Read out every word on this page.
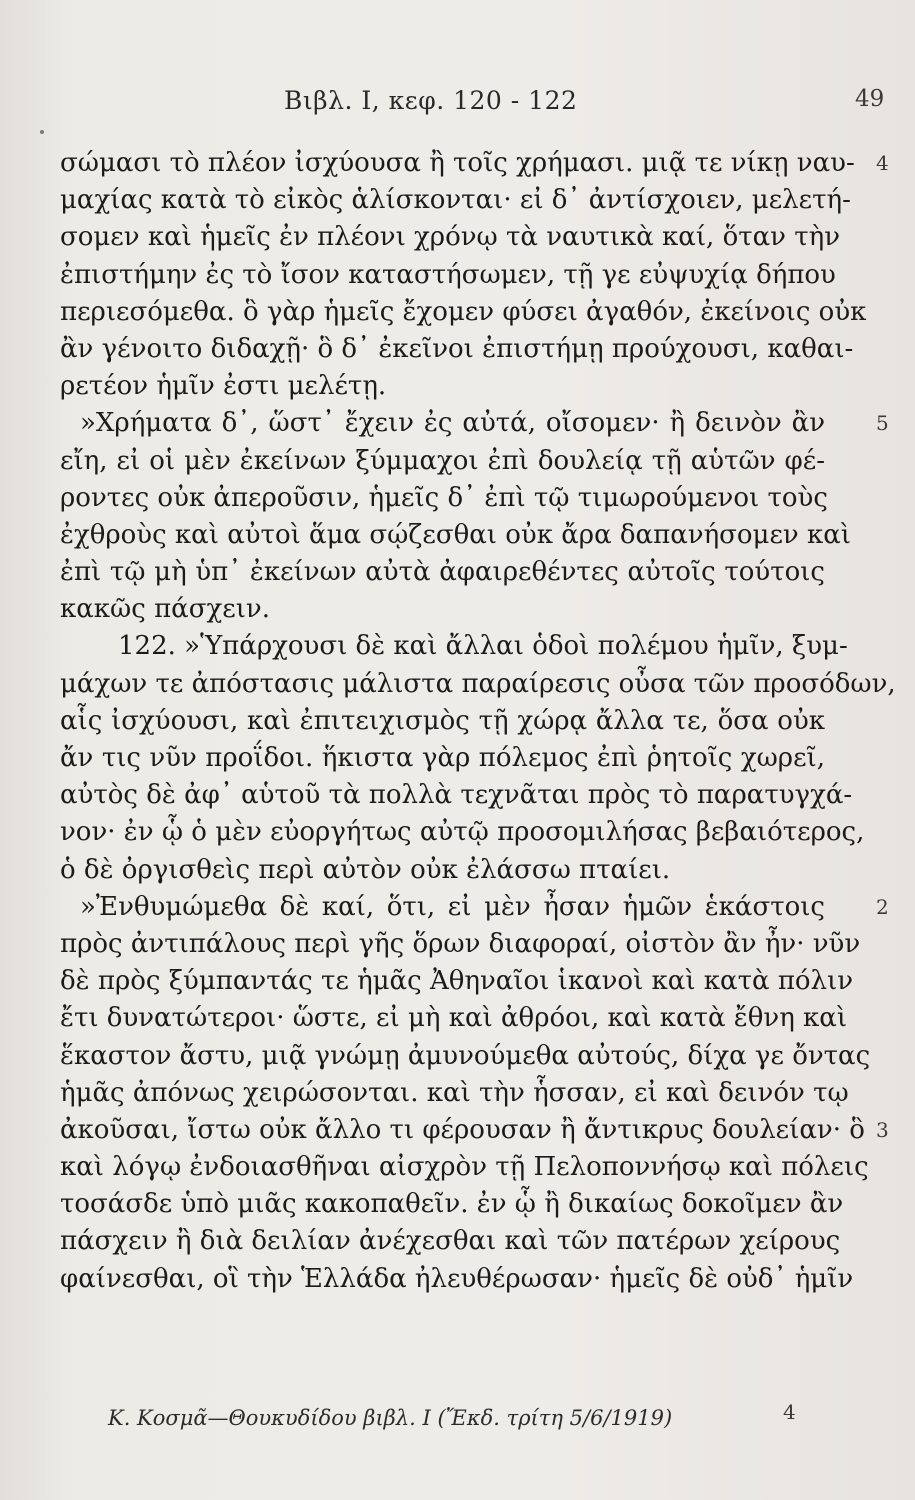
Βιβλ. Ι, κεφ. 120 - 122	49
σώμασι τὸ πλέον ἰσχύουσα ἢ τοῖς χρήμασι. μιᾷ τε νίκῃ ναυ- 4
μαχίας κατὰ τὸ εἰκὸς ἁλίσκονται· εἰ δ᾿ ἀντίσχοιεν, μελετή-
σομεν καὶ ἡμεῖς ἐν πλέονι χρόνῳ τὰ ναυτικὰ καί, ὅταν τὴν
ἐπιστήμην ἐς τὸ ἴσον καταστήσωμεν, τῇ γε εὐψυχίᾳ δήπου
περιεσόμεθα. ὃ γὰρ ἡμεῖς ἔχομεν φύσει ἀγαθόν, ἐκείνοις οὐκ
ἂν γένοιτο διδαχῇ· ὃ δ᾿ ἐκεῖνοι ἐπιστήμῃ προύχουσι, καθαι-
ρετέον ἡμῖν ἐστι μελέτῃ.
»Χρήματα δ᾿, ὥστ᾿ ἔχειν ἐς αὐτά, οἴσομεν· ἢ δεινὸν ἂν	5
εἴη, εἰ οἱ μὲν ἐκείνων ξύμμαχοι ἐπὶ δουλείᾳ τῇ αὑτῶν φέ-
ροντες οὐκ ἀπεροῦσιν, ἡμεῖς δ᾿ ἐπὶ τῷ τιμωρούμενοι τοὺς
ἐχθροὺς καὶ αὐτοὶ ἅμα σῴζεσθαι οὐκ ἄρα δαπανήσομεν καὶ
ἐπὶ τῷ μὴ ὑπ᾿ ἐκείνων αὐτὰ ἀφαιρεθέντες αὐτοῖς τούτοις
κακῶς πάσχειν.
122. »Ὑπάρχουσι δὲ καὶ ἄλλαι ὁδοὶ πολέμου ἡμῖν, ξυμ-
μάχων τε ἀπόστασις μάλιστα παραίρεσις οὖσα τῶν προσόδων,
αἷς ἰσχύουσι, καὶ ἐπιτειχισμὸς τῇ χώρᾳ ἄλλα τε, ὅσα οὐκ
ἄν τις νῦν προΐδοι. ἥκιστα γὰρ πόλεμος ἐπὶ ῥητοῖς χωρεῖ,
αὐτὸς δὲ ἀφ᾿ αὑτοῦ τὰ πολλὰ τεχνᾶται πρὸς τὸ παρατυγχά-
νον· ἐν ᾧ ὁ μὲν εὐοργήτως αὐτῷ προσομιλήσας βεβαιότερος,
ὁ δὲ ὀργισθεὶς περὶ αὐτὸν οὐκ ἐλάσσω πταίει.
»Ἐνθυμώμεθα δὲ καί, ὅτι, εἰ μὲν ἦσαν ἡμῶν ἑκάστοις	2
πρὸς ἀντιπάλους περὶ γῆς ὅρων διαφοραί, οἰστὸν ἂν ἦν· νῦν
δὲ πρὸς ξύμπαντάς τε ἡμᾶς Ἀθηναῖοι ἱκανοὶ καὶ κατὰ πόλιν
ἔτι δυνατώτεροι· ὥστε, εἰ μὴ καὶ ἀθρόοι, καὶ κατὰ ἔθνη καὶ
ἕκαστον ἄστυ, μιᾷ γνώμῃ ἀμυνούμεθα αὐτούς, δίχα γε ὄντας
ἡμᾶς ἀπόνως χειρώσονται. καὶ τὴν ἧσσαν, εἰ καὶ δεινόν τῳ
ἀκοῦσαι, ἴστω οὐκ ἄλλο τι φέρουσαν ἢ ἄντικρυς δουλείαν· ὃ 3
καὶ λόγῳ ἐνδοιασθῆναι αἰσχρὸν τῇ Πελοποννήσῳ καὶ πόλεις
τοσάσδε ὑπὸ μιᾶς κακοπαθεῖν. ἐν ᾧ ἢ δικαίως δοκοῖμεν ἂν
πάσχειν ἢ διὰ δειλίαν ἀνέχεσθαι καὶ τῶν πατέρων χείρους
φαίνεσθαι, οἳ τὴν Ἑλλάδα ἠλευθέρωσαν· ἡμεῖς δὲ οὐδ᾿ ἡμῖν
Κ. Κοσμᾶ—Θουκυδίδου βιβλ. Ι (Ἔκδ. τρίτη 5/6/1919)	4
